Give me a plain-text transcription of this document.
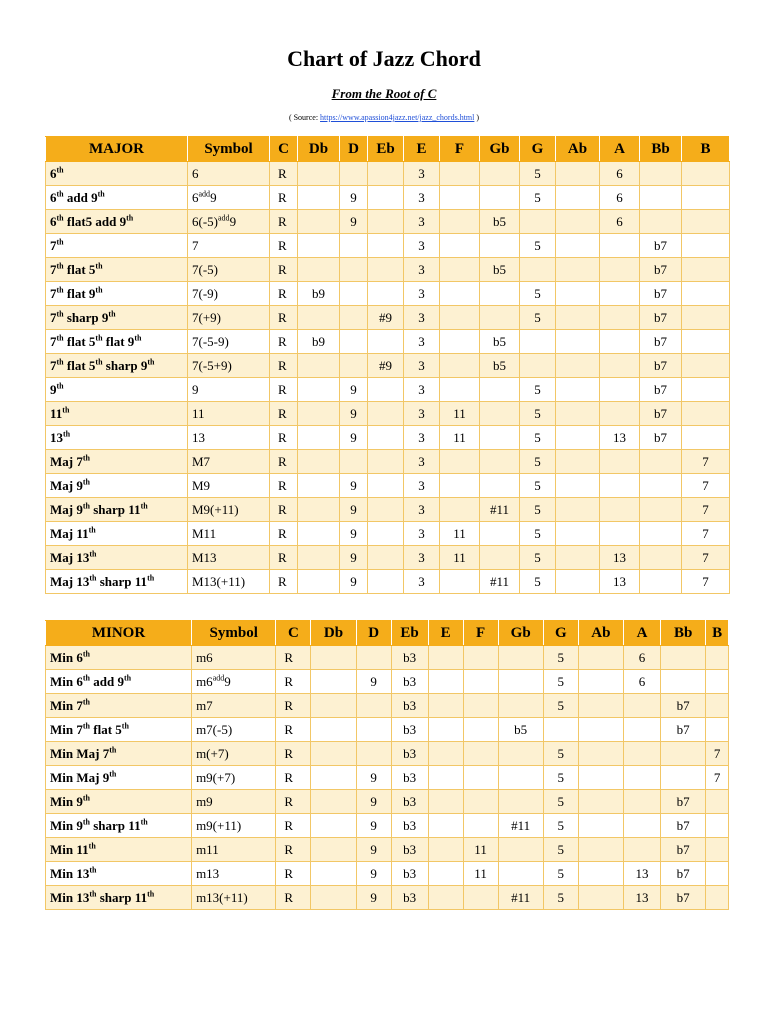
Chart of Jazz Chord
From the Root of C
( Source: https://www.apassion4jazz.net/jazz_chords.html )
MAJOR	Symbol	C	Db	D	Eb	E	F	Gb	G	Ab	A	Bb	B
6th	6	R				3			5		6		
6th add 9th	$6^{add}9$	R		9		3			5		6		
6th flat5 add 9th	$6(-5)^{add}9$	R		9		3		b5			6		
7th	7	R				3			5			b7	
7th flat 5th	7(-5)	R				3		b5				b7	
7th flat 9th	7(-9)	R	b9			3			5			b7	
7th sharp 9th	7(+9)	R			#9	3			5			b7	
7th flat 5th flat 9th	7(-5-9)	R	b9			3		b5				b7	
7th flat 5th sharp 9th	7(-5+9)	R			#9	3		b5				b7	
9th	9	R		9		3			5			b7	
11th	11	R		9		3	11		5			b7	
13th	13	R		9		3	11		5		13	b7	
Maj 7th	M7	R				3			5				7
Maj 9th	M9	R		9		3			5				7
Maj 9th sharp 11th	M9(+11)	R		9		3		#11	5				7
Maj 11th	M11	R		9		3	11		5				7
Maj 13th	M13	R		9		3	11		5		13		7
Maj 13th sharp 11th	M13(+11)	R		9		3		#11	5		13		7
MINOR	Symbol	C	Db	D	Eb	E	F	Gb	G	Ab	A	Bb	B
Min 6th	m6	R			b3				5		6		
Min 6th add 9th	$m6^{add}9$	R		9	b3				5		6		
Min 7th	m7	R			b3				5			b7	
Min 7th flat 5th	m7(-5)	R			b3			b5				b7	
Min Maj 7th	m(+7)	R			b3				5				7
Min Maj 9th	m9(+7)	R		9	b3				5				7
Min 9th	m9	R		9	b3				5			b7	
Min 9th sharp 11th	m9(+11)	R		9	b3			#11	5			b7	
Min 11th	m11	R		9	b3		11		5			b7	
Min 13th	m13	R		9	b3		11		5		13	b7	
Min 13th sharp 11th	m13(+11)	R		9	b3			#11	5		13	b7	
